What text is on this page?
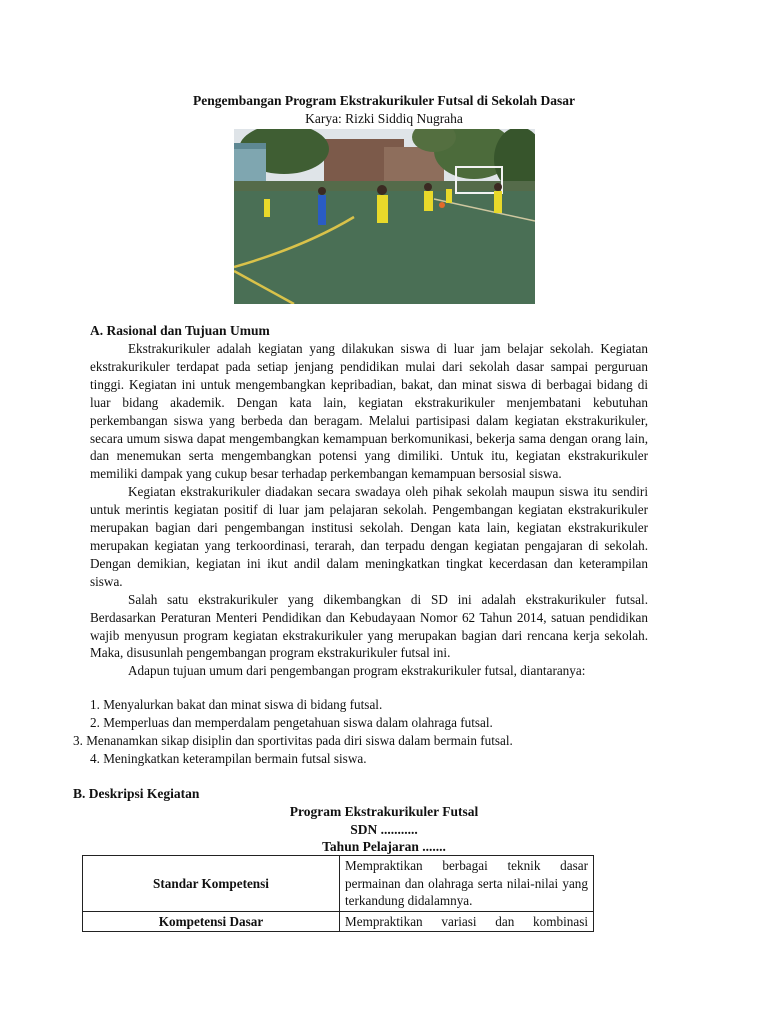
Pengembangan Program Ekstrakurikuler Futsal di Sekolah Dasar
Karya: Rizki Siddiq Nugraha
A. Rasional dan Tujuan Umum

Ekstrakurikuler adalah kegiatan yang dilakukan siswa di luar jam belajar sekolah. Kegiatan ekstrakurikuler terdapat pada setiap jenjang pendidikan mulai dari sekolah dasar sampai perguruan tinggi. Kegiatan ini untuk mengembangkan kepribadian, bakat, dan minat siswa di berbagai bidang di luar bidang akademik. Dengan kata lain, kegiatan ekstrakurikuler menjembatani kebutuhan perkembangan siswa yang berbeda dan beragam. Melalui partisipasi dalam kegiatan ekstrakurikuler, secara umum siswa dapat mengembangkan kemampuan berkomunikasi, bekerja sama dengan orang lain, dan menemukan serta mengembangkan potensi yang dimiliki. Untuk itu, kegiatan ekstrakurikuler memiliki dampak yang cukup besar terhadap perkembangan kemampuan bersosial siswa.

Kegiatan ekstrakurikuler diadakan secara swadaya oleh pihak sekolah maupun siswa itu sendiri untuk merintis kegiatan positif di luar jam pelajaran sekolah. Pengembangan kegiatan ekstrakurikuler merupakan bagian dari pengembangan institusi sekolah. Dengan kata lain, kegiatan ekstrakurikuler merupakan kegiatan yang terkoordinasi, terarah, dan terpadu dengan kegiatan pengajaran di sekolah. Dengan demikian, kegiatan ini ikut andil dalam meningkatkan tingkat kecerdasan dan keterampilan siswa.

Salah satu ekstrakurikuler yang dikembangkan di SD ini adalah ekstrakurikuler futsal. Berdasarkan Peraturan Menteri Pendidikan dan Kebudayaan Nomor 62 Tahun 2014, satuan pendidikan wajib menyusun program kegiatan ekstrakurikuler yang merupakan bagian dari rencana kerja sekolah. Maka, disusunlah pengembangan program ekstrakurikuler futsal ini.

Adapun tujuan umum dari pengembangan program ekstrakurikuler futsal, diantaranya:

1. Menyalurkan bakat dan minat siswa di bidang futsal.
2. Memperluas dan memperdalam pengetahuan siswa dalam olahraga futsal.
3. Menanamkan sikap disiplin dan sportivitas pada diri siswa dalam bermain futsal.
4. Meningkatkan keterampilan bermain futsal siswa.
B. Deskripsi Kegiatan
Program Ekstrakurikuler Futsal
SDN ...........
Tahun Pelajaran .......
Standar Kompetensi	Mempraktikan berbagai teknik dasar permainan dan olahraga serta nilai-nilai yang terkandung didalamnya.
Kompetensi Dasar	Mempraktikan variasi dan kombinasi
